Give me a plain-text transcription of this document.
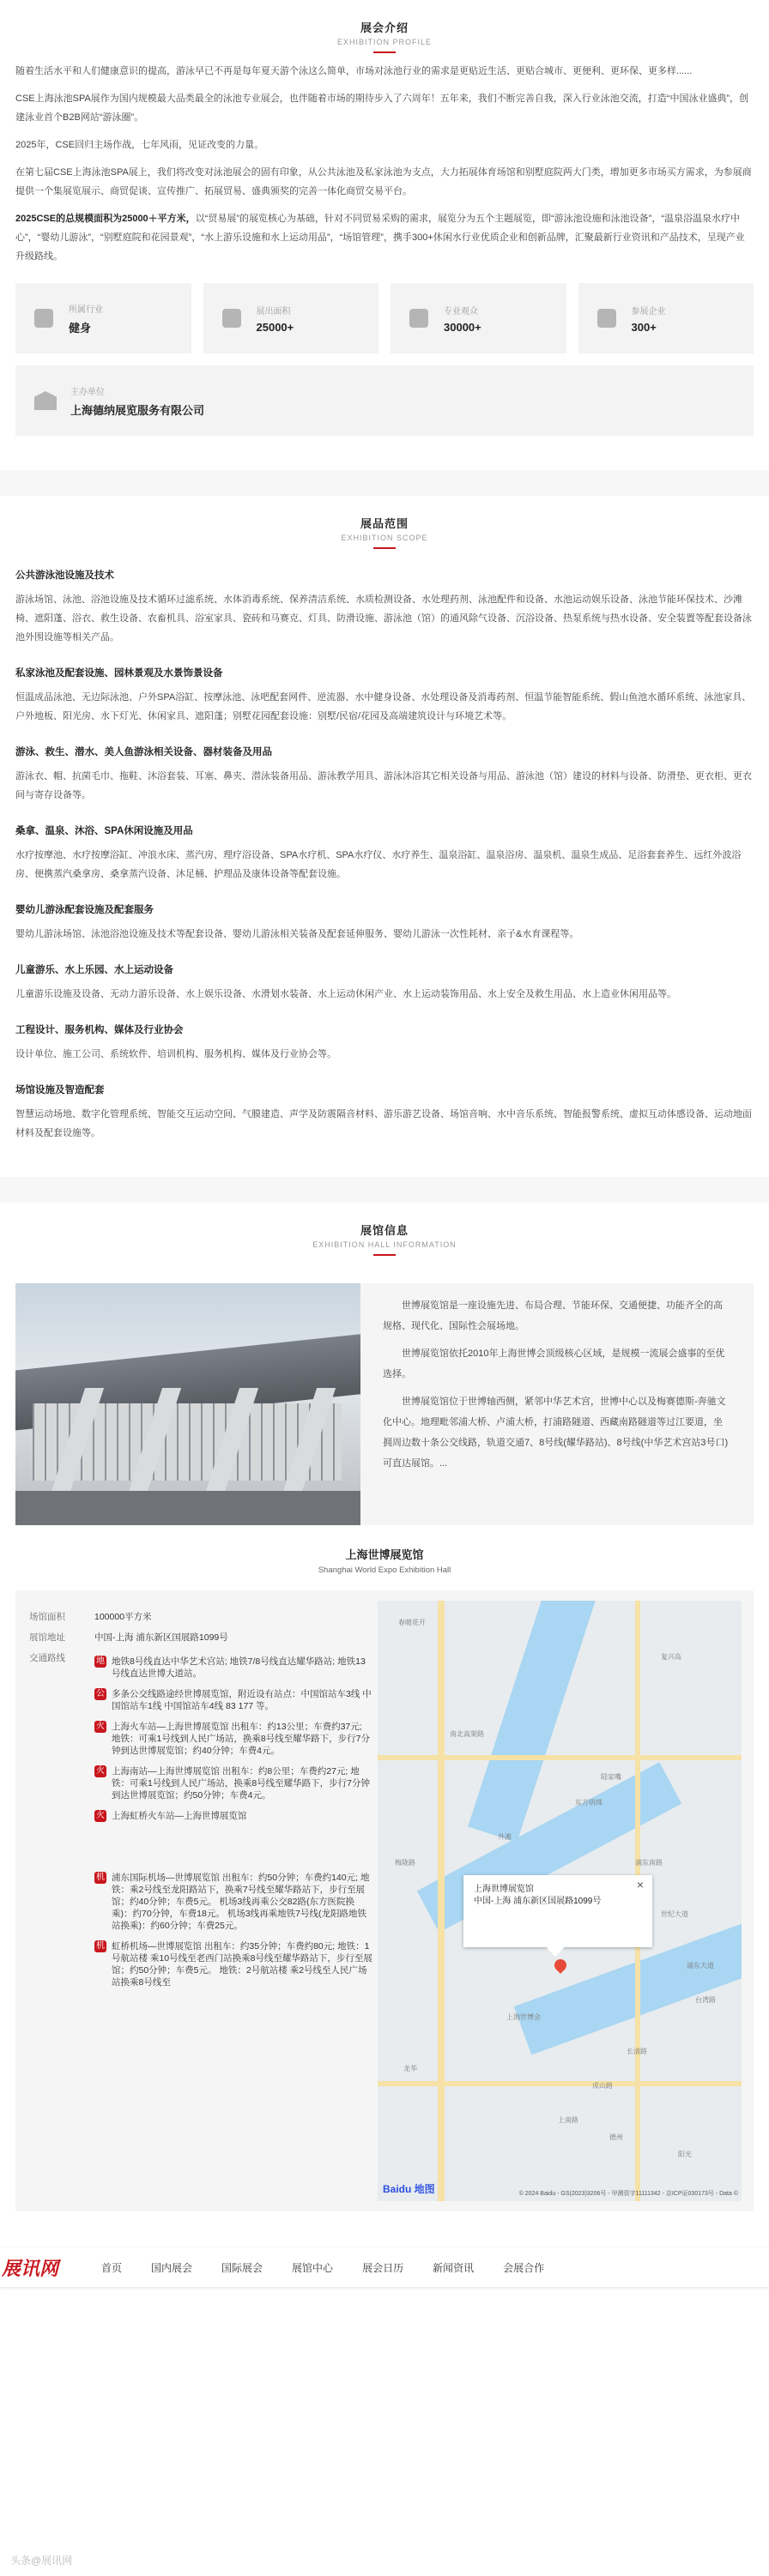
展会介绍
EXHIBITION PROFILE

随着生活水平和人们健康意识的提高，游泳早已不再是每年夏天游个泳这么简单，市场对泳池行业的需求是更贴近生活、更贴合城市、更便利、更环保、更多样......

CSE上海泳池SPA展作为国内规模最大品类最全的泳池专业展会，也伴随着市场的期待步入了六周年！五年来，我们不断完善自我，深入行业泳池交流，打造“中国泳业盛典”，创建泳业首个B2B网站“游泳圈”。

2025年，CSE回归主场作战，七年风雨，见证改变的力量。

在第七届CSE上海泳池SPA展上，我们将改变对泳池展会的固有印象，从公共泳池及私家泳池为支点，大力拓展体育场馆和别墅庭院两大门类，增加更多市场买方需求，为参展商提供一个集展览展示、商贸促谈、宣传推广、拓展贸易、盛典颁奖的完善一体化商贸交易平台。

2025CSE的总规模面积为25000＋平方米，以“贸易展”的展览核心为基础，针对不同贸易采购的需求，展览分为五个主题展览，即“游泳池设施和泳池设备”，“温泉浴温泉水疗中心”，“婴幼儿游泳”，“别墅庭院和花园景观”，“水上游乐设施和水上运动用品”，“场馆管理”，携手300+休闲水行业优质企业和创新品牌，汇聚最新行业资讯和产品技术，呈现产业升级路线。

所属行业
健身
展出面积
25000+
专业观众
30000+
参展企业
300+
主办单位
上海德纳展览服务有限公司
展品范围
EXHIBITION SCOPE
公共游泳池设施及技术

游泳场馆、泳池、浴池设施及技术循环过滤系统、水体消毒系统、保养清洁系统、水质检测设备、水处理药剂、泳池配件和设备、水池运动娱乐设备、泳池节能环保技术、沙滩椅、遮阳蓬、浴衣、救生设备、农畜机具、浴室家具、瓷砖和马赛克、灯具、防滑设施、游泳池（馆）的通风除气设备、沉浴设备、热泵系统与热水设备、安全装置等配套设备泳池外围设施等相关产品。

私家泳池及配套设施、园林景观及水景饰景设备

恒温成品泳池、无边际泳池、户外SPA浴缸、按摩泳池、泳吧配套网件、逆流器、水中健身设备、水处理设备及消毒药剂、恒温节能智能系统、假山鱼池水循环系统、泳池家具、户外地板、阳光房、水下灯光、休闲家具、遮阳蓬；别墅花园配套设施：别墅/民宿/花园及高端建筑设计与环境艺术等。

游泳、救生、潜水、美人鱼游泳相关设备、器材装备及用品

游泳衣、帽、抗菌毛巾、拖鞋、沐浴套装、耳塞、鼻夹、潜泳装备用品、游泳教学用具、游泳沐浴其它相关设备与用品、游泳池（馆）建设的材料与设备、防滑垫、更衣柜、更衣间与寄存设备等。

桑拿、温泉、沐浴、SPA休闲设施及用品

水疗按摩池、水疗按摩浴缸、冲浪水床、蒸汽房、理疗浴设备、SPA水疗机、SPA水疗仪、水疗养生、温泉浴缸、温泉浴房、温泉机、温泉生成品、足浴套套养生、远红外波浴房、便携蒸汽桑拿房、桑拿蒸汽设备、沐足桶、护理品及康体设备等配套设施。

婴幼儿游泳配套设施及配套服务

婴幼儿游泳场馆、泳池浴池设施及技术等配套设备、婴幼儿游泳相关装备及配套延伸服务、婴幼儿游泳一次性耗材、亲子&水育课程等。

儿童游乐、水上乐园、水上运动设备

儿童游乐设施及设备、无动力游乐设备、水上娱乐设备、水滑划水装备、水上运动休闲产业、水上运动装饰用品、水上安全及救生用品、水上造业休闲用品等。

工程设计、服务机构、媒体及行业协会

设计单位、施工公司、系统软件、培训机构、服务机构、媒体及行业协会等。

场馆设施及智造配套

智慧运动场地、数字化管理系统、智能交互运动空间、气膜建造、声学及防震隔音材料、游乐游艺设备、场馆音响、水中音乐系统、智能报警系统、虚拟互动体感设备、运动地面材料及配套设施等。

展馆信息
EXHIBITION HALL INFORMATION

世博展览馆是一座设施先进、布局合理、节能环保、交通便捷、功能齐全的高规格、现代化、国际性会展场地。

世博展览馆依托2010年上海世博会顶级核心区域，是规模一流展会盛事的至优选择。

世博展览馆位于世博轴西侧，紧邻中华艺术宫，世博中心以及梅赛德斯-奔驰文化中心。地理毗邻浦大桥、卢浦大桥，打浦路隧道、西藏南路隧道等过江要道，坐拥周边数十条公交线路，轨道交通7、8号线(耀华路站)、8号线(中华艺术宫站3号口)可直达展馆。...

上海世博展览馆
Shanghai World Expo Exhibition Hall
场馆面积	100000平方米
展馆地址	中国-上海 浦东新区国展路1099号
交通路线	地 地铁8号线直达中华艺术宫站; 地铁7/8号线直达耀华路站; 地铁13号线直达世博大道站。
公 多条公交线路途经世博展览馆，附近设有站点：中国馆站车3线 中国馆站车1线 中国馆站车4线 83 177 等。
火 上海火车站—上海世博展览馆 出租车：约13公里；车费约37元; 地铁：可乘1号线到人民广场站，换乘8号线至耀华路下，步行7分钟到达世博展览馆；约40分钟；车费4元。
火 上海南站—上海世博展览馆 出租车：约8公里；车费约27元; 地铁：可乘1号线到人民广场站，换乘8号线至耀华路下，步行7分钟到达世博展览馆；约50分钟；车费4元。
火 上海虹桥火车站—上海世博展览馆
机 浦东国际机场—世博展览馆 出租车：约50分钟；车费约140元; 地铁：乘2号线至龙阳路站下，换乘7号线至耀华路站下，步行至展馆；约40分钟；车费5元。 机场3线再乘公交82路(东方医院换乘)：约70分钟，车费18元。 机场3线再乘地铁7号线(龙阳路地铁站换乘)：约60分钟；车费25元。
机 虹桥机场—世博展览馆 出租车：约35分钟；车费约80元; 地铁：1号航站楼 乘10号线至老西门站换乘8号线至耀华路站下，步行至展馆；约50分钟；车费5元。 地铁：2号航站楼 乘2号线至人民广场站换乘8号线至
春暖花开
南北高架路
复兴岛
东方明珠
外滩
梅陇路	浦东南路
世纪大道
陆家嘴
上海世博会
浦东大道
长清路
龙华
台湾路
上南路
成山路
德州
阳光
×
上海世博展览馆
中国-上海 浦东新区国展路1099号
Baidu 地图	© 2024 Baidu - GS(2023)3206号 - 甲测资字11111342 - 京ICP证030173号 - Data ©
展讯网	首页	国内展会	国际展会	展馆中心	展会日历	新闻资讯	会展合作
头条@展讯网
